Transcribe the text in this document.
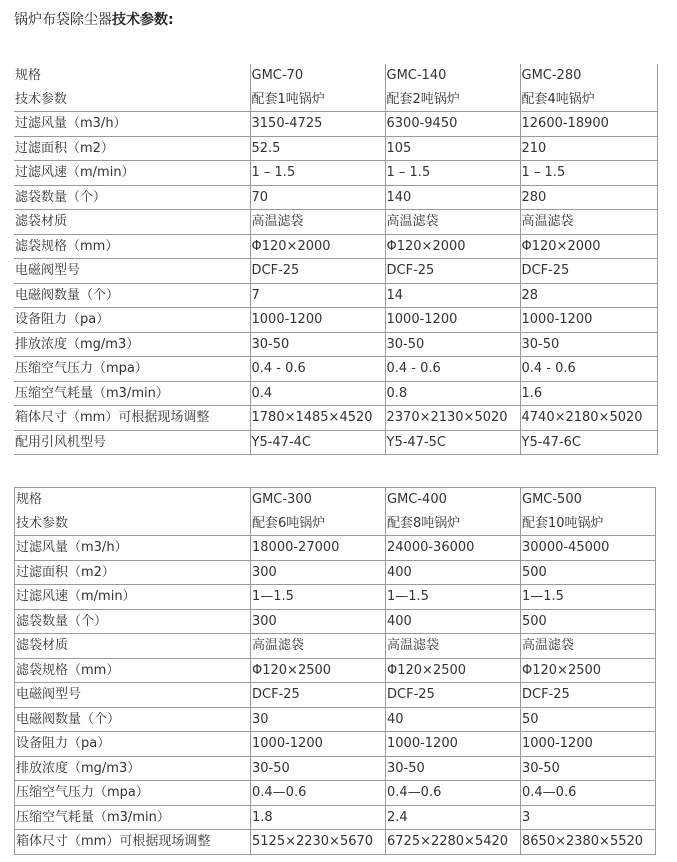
锅炉布袋除尘器技术参数:
规格	GMC-70	GMC-140	GMC-280
技术参数	配套1吨锅炉	配套2吨锅炉	配套4吨锅炉
过滤风量（m3/h）	3150-4725	6300-9450	12600-18900
过滤面积（m2）	52.5	105	210
过滤风速（m/min）	1 – 1.5	1 – 1.5	1 – 1.5
滤袋数量（个）	70	140	280
滤袋材质	高温滤袋	高温滤袋	高温滤袋
滤袋规格（mm）	Φ120×2000	Φ120×2000	Φ120×2000
电磁阀型号	DCF-25	DCF-25	DCF-25
电磁阀数量（个）	7	14	28
设备阻力（pa）	1000-1200	1000-1200	1000-1200
排放浓度（mg/m3）	30-50	30-50	30-50
压缩空气压力（mpa）	0.4 - 0.6	0.4 - 0.6	0.4 - 0.6
压缩空气耗量（m3/min）	0.4	0.8	1.6
箱体尺寸（mm）可根据现场调整	1780×1485×4520	2370×2130×5020	4740×2180×5020
配用引风机型号	Y5-47-4C	Y5-47-5C	Y5-47-6C
规格	GMC-300	GMC-400	GMC-500
技术参数	配套6吨锅炉	配套8吨锅炉	配套10吨锅炉
过滤风量（m3/h）	18000-27000	24000-36000	30000-45000
过滤面积（m2）	300	400	500
过滤风速（m/min）	1—1.5	1—1.5	1—1.5
滤袋数量（个）	300	400	500
滤袋材质	高温滤袋	高温滤袋	高温滤袋
滤袋规格（mm）	Φ120×2500	Φ120×2500	Φ120×2500
电磁阀型号	DCF-25	DCF-25	DCF-25
电磁阀数量（个）	30	40	50
设备阻力（pa）	1000-1200	1000-1200	1000-1200
排放浓度（mg/m3）	30-50	30-50	30-50
压缩空气压力（mpa）	0.4—0.6	0.4—0.6	0.4—0.6
压缩空气耗量（m3/min）	1.8	2.4	3
箱体尺寸（mm）可根据现场调整	5125×2230×5670	6725×2280×5420	8650×2380×5520
